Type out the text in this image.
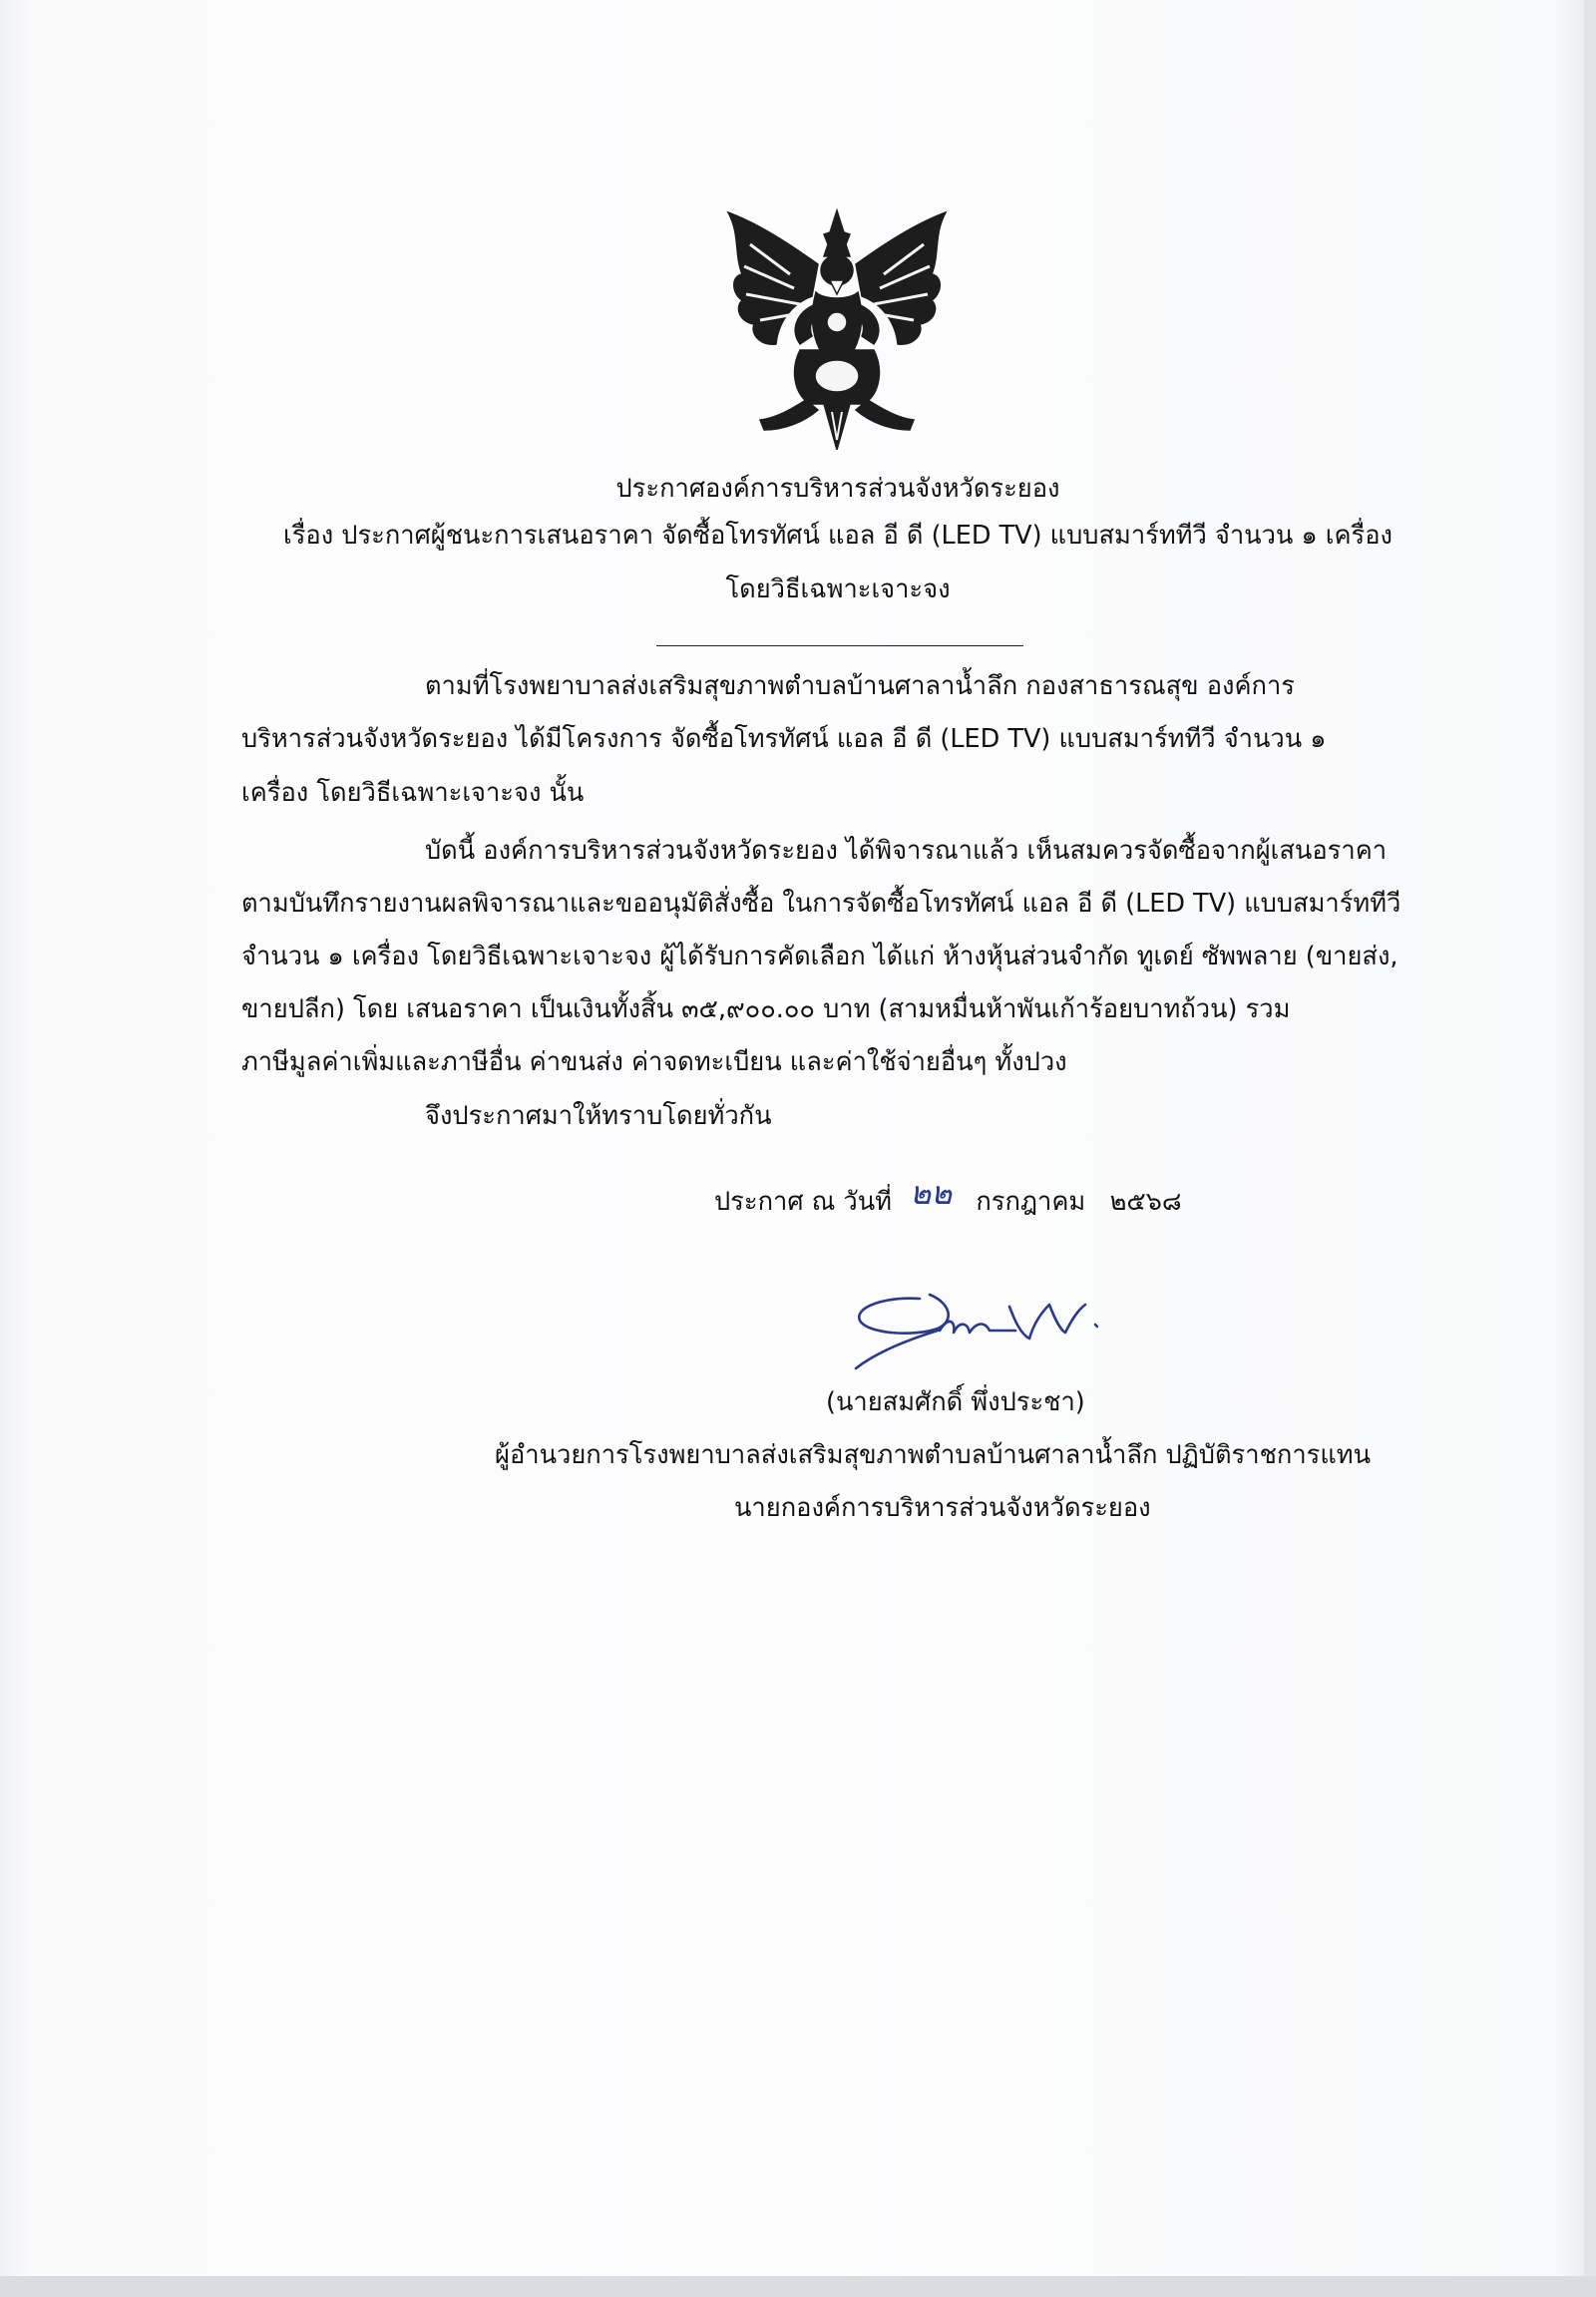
ประกาศองค์การบริหารส่วนจังหวัดระยอง
เรื่อง ประกาศผู้ชนะการเสนอราคา จัดซื้อโทรทัศน์ แอล อี ดี (LED TV) แบบสมาร์ททีวี จำนวน ๑ เครื่อง
โดยวิธีเฉพาะเจาะจง
ตามที่โรงพยาบาลส่งเสริมสุขภาพตำบลบ้านศาลาน้ำลึก กองสาธารณสุข องค์การ
บริหารส่วนจังหวัดระยอง ได้มีโครงการ จัดซื้อโทรทัศน์ แอล อี ดี (LED TV) แบบสมาร์ททีวี จำนวน ๑
เครื่อง โดยวิธีเฉพาะเจาะจง นั้น
บัดนี้ องค์การบริหารส่วนจังหวัดระยอง ได้พิจารณาแล้ว เห็นสมควรจัดซื้อจากผู้เสนอราคา
ตามบันทึกรายงานผลพิจารณาและขออนุมัติสั่งซื้อ ในการจัดซื้อโทรทัศน์ แอล อี ดี (LED TV) แบบสมาร์ททีวี
จำนวน ๑ เครื่อง โดยวิธีเฉพาะเจาะจง ผู้ได้รับการคัดเลือก ได้แก่ ห้างหุ้นส่วนจำกัด ทูเดย์ ซัพพลาย (ขายส่ง,
ขายปลีก) โดย เสนอราคา เป็นเงินทั้งสิ้น ๓๕,๙๐๐.๐๐ บาท (สามหมื่นห้าพันเก้าร้อยบาทถ้วน) รวม
ภาษีมูลค่าเพิ่มและภาษีอื่น ค่าขนส่ง ค่าจดทะเบียน และค่าใช้จ่ายอื่นๆ ทั้งปวง
จึงประกาศมาให้ทราบโดยทั่วกัน
ประกาศ ณ วันที่ ๒๒ กรกฎาคม ๒๕๖๘
(นายสมศักดิ์ พึ่งประชา)
ผู้อำนวยการโรงพยาบาลส่งเสริมสุขภาพตำบลบ้านศาลาน้ำลึก ปฏิบัติราชการแทน
นายกองค์การบริหารส่วนจังหวัดระยอง
